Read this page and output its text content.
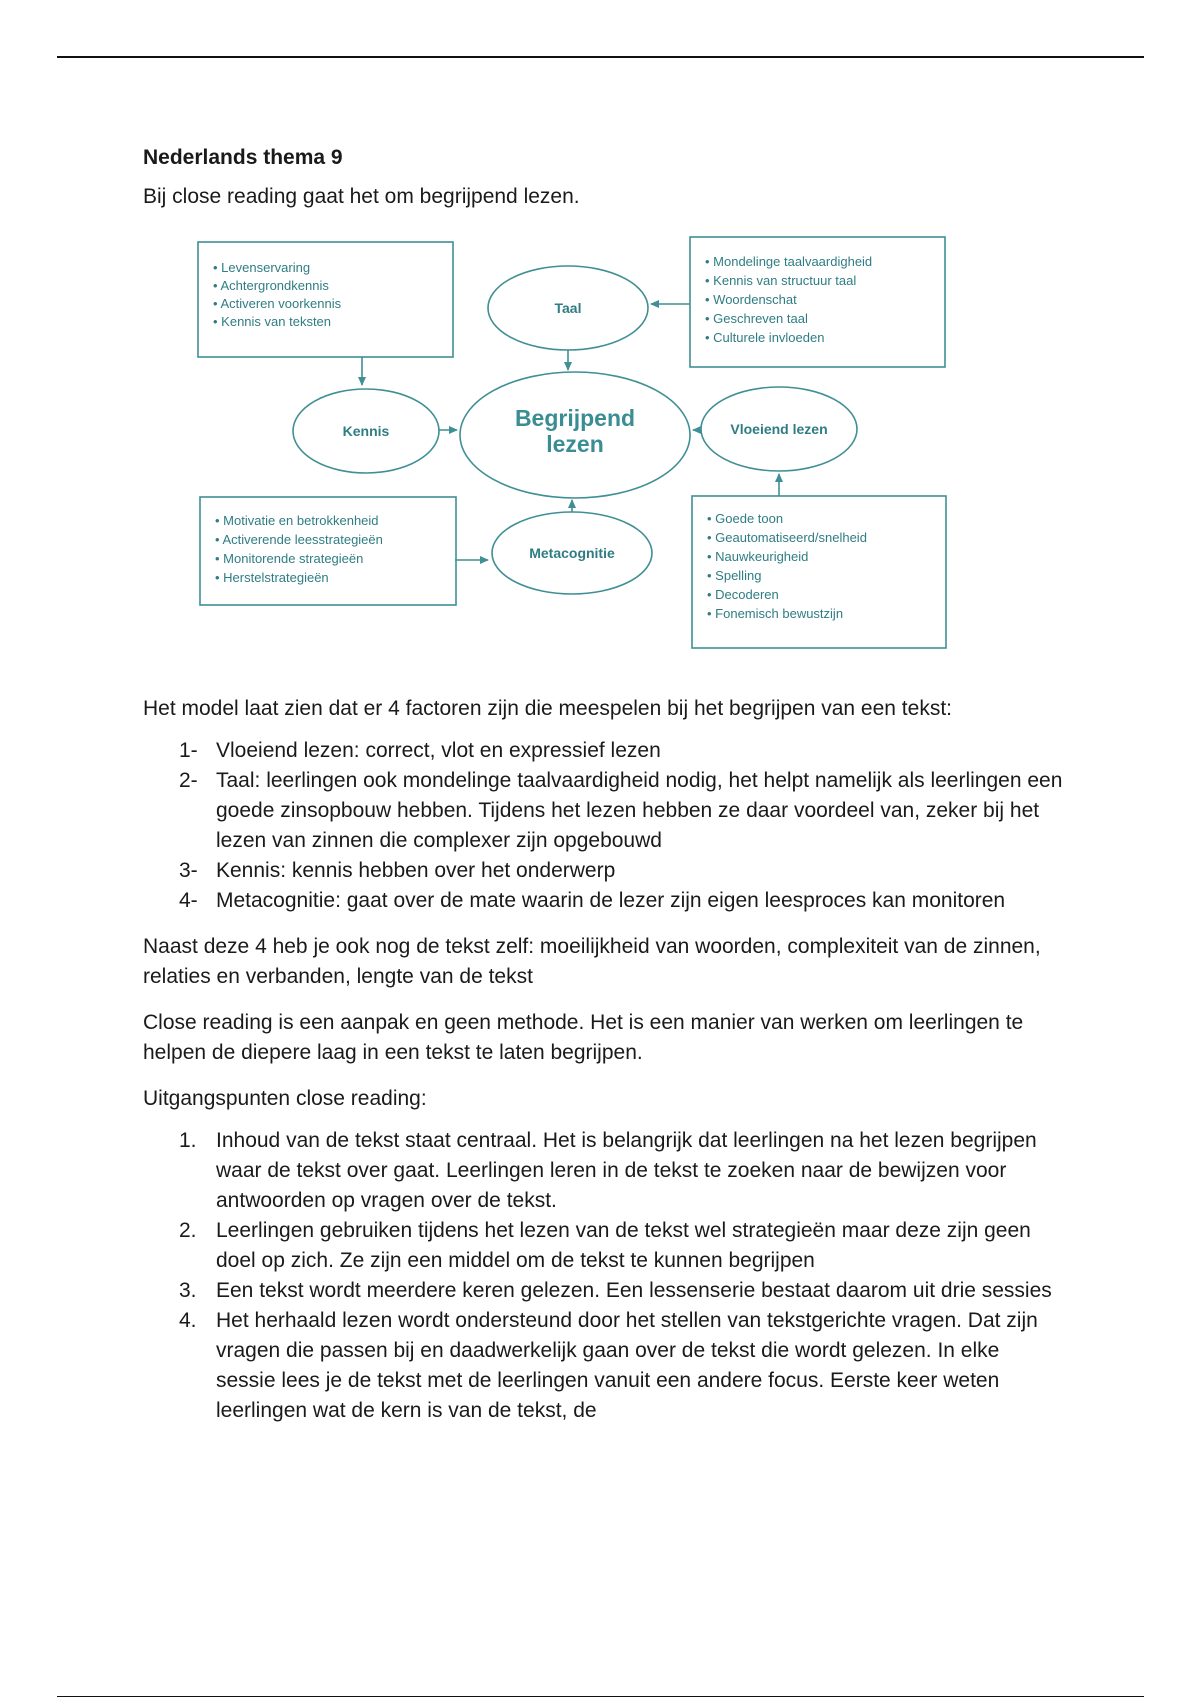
Nederlands thema 9

Bij close reading gaat het om begrijpend lezen.

Taal
Kennis	Vloeiend lezen
Metacognitie
Begrijpend
lezen
• Levenservaring
• Achtergrondkennis
• Activeren voorkennis
• Kennis van teksten
• Mondelinge taalvaardigheid
• Kennis van structuur taal
• Woordenschat
• Geschreven taal
• Culturele invloeden
• Motivatie en betrokkenheid
• Activerende leesstrategieën
• Monitorende strategieën
• Herstelstrategieën
• Goede toon
• Geautomatiseerd/snelheid
• Nauwkeurigheid
• Spelling
• Decoderen
• Fonemisch bewustzijn

Het model laat zien dat er 4 factoren zijn die meespelen bij het begrijpen van een tekst:

1- Vloeiend lezen: correct, vlot en expressief lezen
2- Taal: leerlingen ook mondelinge taalvaardigheid nodig, het helpt namelijk als leerlingen een goede zinsopbouw hebben. Tijdens het lezen hebben ze daar voordeel van, zeker bij het lezen van zinnen die complexer zijn opgebouwd
3- Kennis: kennis hebben over het onderwerp
4- Metacognitie: gaat over de mate waarin de lezer zijn eigen leesproces kan monitoren

Naast deze 4 heb je ook nog de tekst zelf: moeilijkheid van woorden, complexiteit van de zinnen, relaties en verbanden, lengte van de tekst

Close reading is een aanpak en geen methode. Het is een manier van werken om leerlingen te helpen de diepere laag in een tekst te laten begrijpen.

Uitgangspunten close reading:

1. Inhoud van de tekst staat centraal. Het is belangrijk dat leerlingen na het lezen begrijpen waar de tekst over gaat. Leerlingen leren in de tekst te zoeken naar de bewijzen voor antwoorden op vragen over de tekst.
2. Leerlingen gebruiken tijdens het lezen van de tekst wel strategieën maar deze zijn geen doel op zich. Ze zijn een middel om de tekst te kunnen begrijpen
3. Een tekst wordt meerdere keren gelezen. Een lessenserie bestaat daarom uit drie sessies
4. Het herhaald lezen wordt ondersteund door het stellen van tekstgerichte vragen. Dat zijn vragen die passen bij en daadwerkelijk gaan over de tekst die wordt gelezen. In elke sessie lees je de tekst met de leerlingen vanuit een andere focus. Eerste keer weten leerlingen wat de kern is van de tekst, de
